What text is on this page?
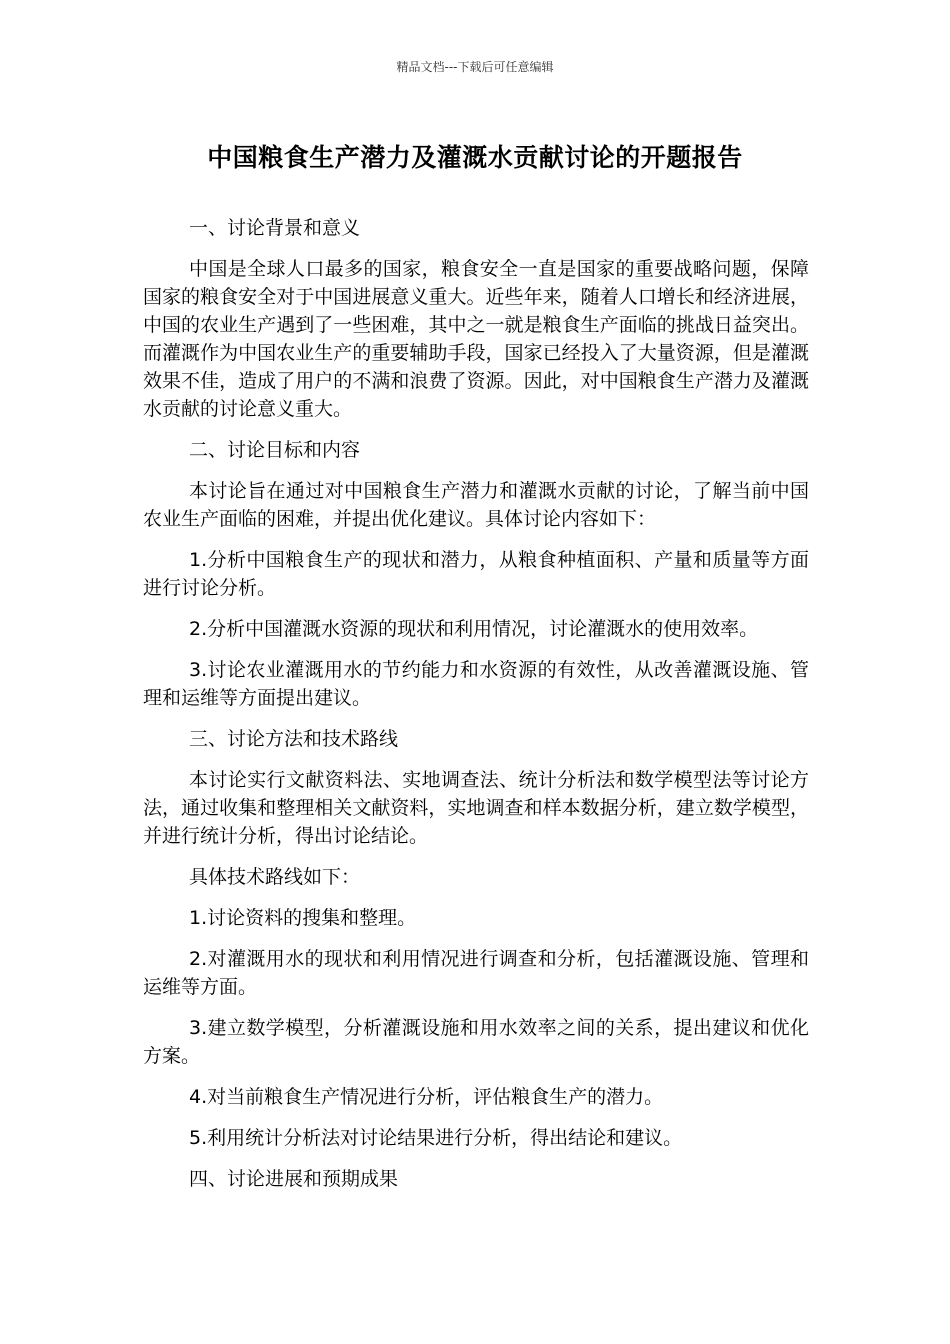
精品文档---下载后可任意编辑
中国粮食生产潜力及灌溉水贡献讨论的开题报告

一、讨论背景和意义

中国是全球人口最多的国家，粮食安全一直是国家的重要战略问题，保障国家的粮食安全对于中国进展意义重大。近些年来，随着人口增长和经济进展，中国的农业生产遇到了一些困难，其中之一就是粮食生产面临的挑战日益突出。而灌溉作为中国农业生产的重要辅助手段，国家已经投入了大量资源，但是灌溉效果不佳，造成了用户的不满和浪费了资源。因此，对中国粮食生产潜力及灌溉水贡献的讨论意义重大。

二、讨论目标和内容

本讨论旨在通过对中国粮食生产潜力和灌溉水贡献的讨论，了解当前中国农业生产面临的困难，并提出优化建议。具体讨论内容如下：

1.分析中国粮食生产的现状和潜力，从粮食种植面积、产量和质量等方面进行讨论分析。

2.分析中国灌溉水资源的现状和利用情况，讨论灌溉水的使用效率。

3.讨论农业灌溉用水的节约能力和水资源的有效性，从改善灌溉设施、管理和运维等方面提出建议。

三、讨论方法和技术路线

本讨论实行文献资料法、实地调查法、统计分析法和数学模型法等讨论方法，通过收集和整理相关文献资料，实地调查和样本数据分析，建立数学模型，并进行统计分析，得出讨论结论。

具体技术路线如下：

1.讨论资料的搜集和整理。

2.对灌溉用水的现状和利用情况进行调查和分析，包括灌溉设施、管理和运维等方面。

3.建立数学模型，分析灌溉设施和用水效率之间的关系，提出建议和优化方案。

4.对当前粮食生产情况进行分析，评估粮食生产的潜力。

5.利用统计分析法对讨论结果进行分析，得出结论和建议。

四、讨论进展和预期成果
